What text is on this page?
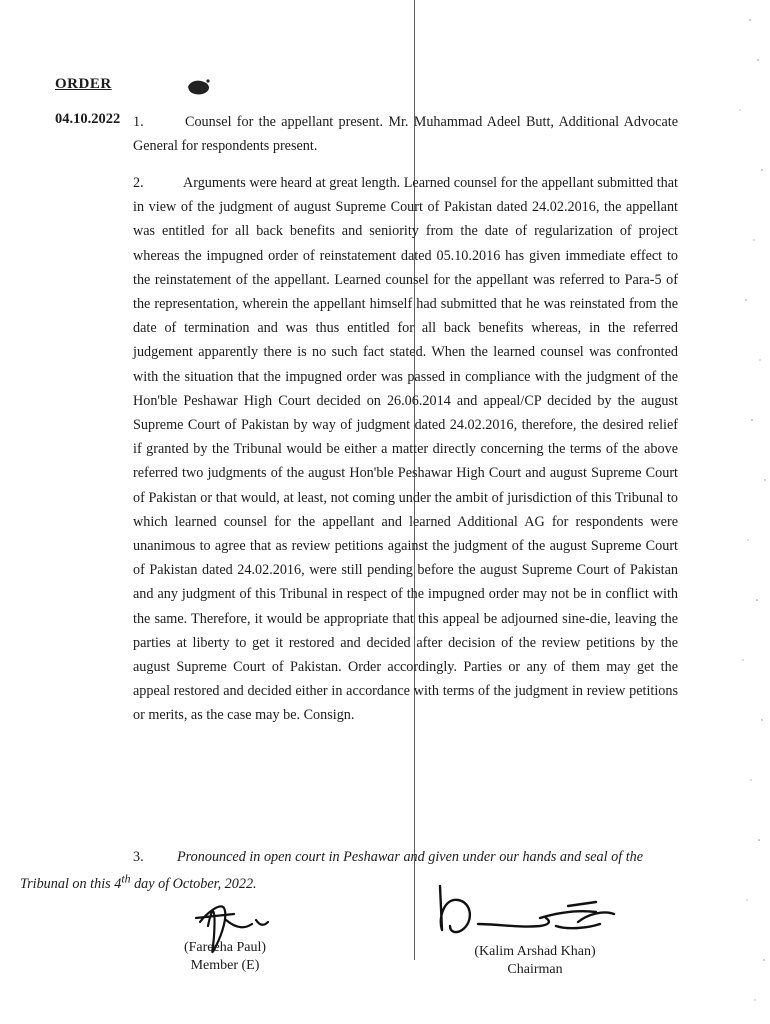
ORDER
04.10.2022 1.	Counsel for the appellant present. Mr. Muhammad Adeel Butt, Additional Advocate General for respondents present.
2.	Arguments were heard at great length. Learned counsel for the appellant submitted that in view of the judgment of august Supreme Court of Pakistan dated 24.02.2016, the appellant was entitled for all back benefits and seniority from the date of regularization of project whereas the impugned order of reinstatement dated 05.10.2016 has given immediate effect to the reinstatement of the appellant. Learned counsel for the appellant was referred to Para-5 of the representation, wherein the appellant himself had submitted that he was reinstated from the date of termination and was thus entitled for all back benefits whereas, in the referred judgement apparently there is no such fact stated. When the learned counsel was confronted with the situation that the impugned order was passed in compliance with the judgment of the Hon'ble Peshawar High Court decided on 26.06.2014 and appeal/CP decided by the august Supreme Court of Pakistan by way of judgment dated 24.02.2016, therefore, the desired relief if granted by the Tribunal would be either a matter directly concerning the terms of the above referred two judgments of the august Hon'ble Peshawar High Court and august Supreme Court of Pakistan or that would, at least, not coming under the ambit of jurisdiction of this Tribunal to which learned counsel for the appellant and learned Additional AG for respondents were unanimous to agree that as review petitions against the judgment of the august Supreme Court of Pakistan dated 24.02.2016, were still pending before the august Supreme Court of Pakistan and any judgment of this Tribunal in respect of the impugned order may not be in conflict with the same. Therefore, it would be appropriate that this appeal be adjourned sine-die, leaving the parties at liberty to get it restored and decided after decision of the review petitions by the august Supreme Court of Pakistan. Order accordingly. Parties or any of them may get the appeal restored and decided either in accordance with terms of the judgment in review petitions or merits, as the case may be. Consign.
3. Pronounced in open court in Peshawar and given under our hands and seal of the Tribunal on this 4th day of October, 2022.
(Fareeha Paul)
Member (E)
(Kalim Arshad Khan)
Chairman
